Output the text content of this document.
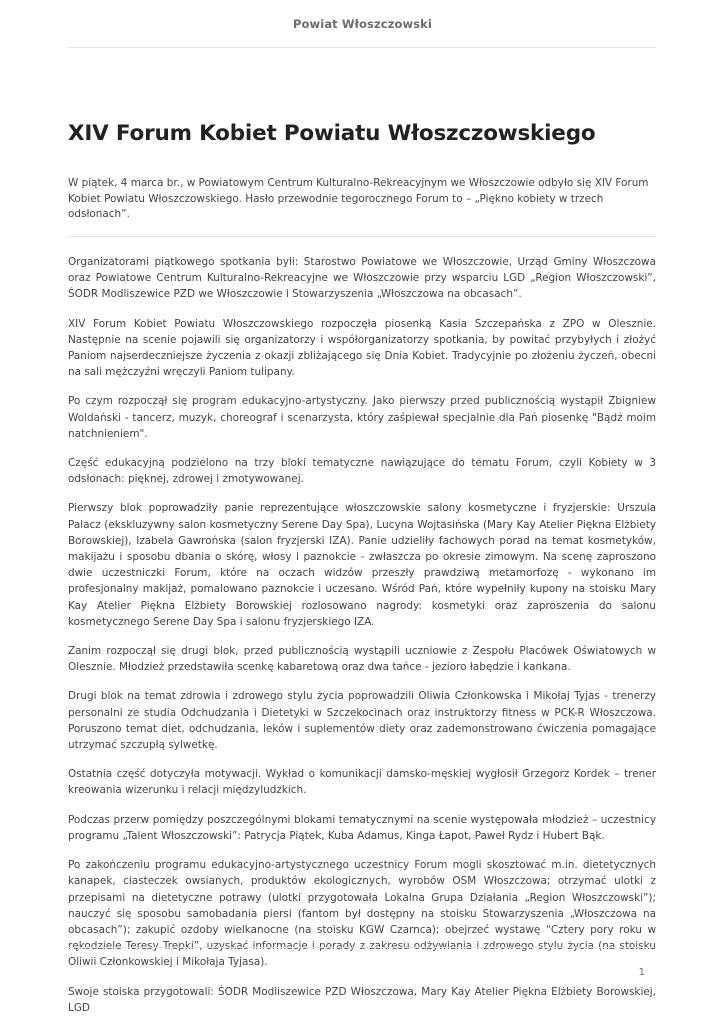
Powiat Włoszczowski
XIV Forum Kobiet Powiatu Włoszczowskiego

W piątek, 4 marca br., w Powiatowym Centrum Kulturalno-Rekreacyjnym we Włoszczowie odbyło się XIV Forum Kobiet Powiatu Włoszczowskiego. Hasło przewodnie tegorocznego Forum to – „Piękno kobiety w trzech odsłonach”.

Organizatorami piątkowego spotkania byli: Starostwo Powiatowe we Włoszczowie, Urząd Gminy Włoszczowa oraz Powiatowe Centrum Kulturalno-Rekreacyjne we Włoszczowie przy wsparciu LGD „Region Włoszczowski”, ŚODR Modliszewice PZD we Włoszczowie i Stowarzyszenia „Włoszczowa na obcasach”.

XIV Forum Kobiet Powiatu Włoszczowskiego rozpoczęła piosenką Kasia Szczepańska z ZPO w Olesznie. Następnie na scenie pojawili się organizatorzy i współorganizatorzy spotkania, by powitać przybyłych i złożyć Paniom najserdeczniejsze życzenia z okazji zbliżającego się Dnia Kobiet. Tradycyjnie po złożeniu życzeń, obecni na sali mężczyźni wręczyli Paniom tulipany.

Po czym rozpoczął się program edukacyjno-artystyczny. Jako pierwszy przed publicznością wystąpił Zbigniew Woldański - tancerz, muzyk, choreograf i scenarzysta, który zaśpiewał specjalnie dla Pań piosenkę "Bądź moim natchnieniem".

Część edukacyjną podzielono na trzy bloki tematyczne nawiązujące do tematu Forum, czyli Kobiety w 3 odsłonach: pięknej, zdrowej i zmotywowanej.

Pierwszy blok poprowadziły panie reprezentujące włoszczowskie salony kosmetyczne i fryzjerskie: Urszula Palacz (ekskluzywny salon kosmetyczny Serene Day Spa), Lucyna Wojtasińska (Mary Kay Atelier Piękna Elżbiety Borowskiej), Izabela Gawrońska (salon fryzjerski IZA). Panie udzieliły fachowych porad na temat kosmetyków, makijażu i sposobu dbania o skórę, włosy i paznokcie - zwłaszcza po okresie zimowym. Na scenę zaproszono dwie uczestniczki Forum, które na oczach widzów przeszły prawdziwą metamorfozę - wykonano im profesjonalny makijaż, pomalowano paznokcie i uczesano. Wśród Pań, które wypełniły kupony na stoisku Mary Kay Atelier Piękna Elżbiety Borowskiej rozlosowano nagrody: kosmetyki oraz zaproszenia do salonu kosmetycznego Serene Day Spa i salonu fryzjerskiego IZA.

Zanim rozpoczął się drugi blok, przed publicznością wystąpili uczniowie z Zespołu Placówek Oświatowych w Olesznie. Młodzież przedstawiła scenkę kabaretową oraz dwa tańce - jezioro łabędzie i kankana.

Drugi blok na temat zdrowia i zdrowego stylu życia poprowadzili Oliwia Członkowska i Mikołaj Tyjas - trenerzy personalni ze studia Odchudzania i Dietetyki w Szczekocinach oraz instruktorzy fitness w PCK-R Włoszczowa. Poruszono temat diet, odchudzania, leków i suplementów diety oraz zademonstrowano ćwiczenia pomagające utrzymać szczupłą sylwetkę.

Ostatnia część dotyczyła motywacji. Wykład o komunikacji damsko-męskiej wygłosił Grzegorz Kordek – trener kreowania wizerunku i relacji międzyludzkich.

Podczas przerw pomiędzy poszczególnymi blokami tematycznymi na scenie występowała młodzież – uczestnicy programu „Talent Włoszczowski”: Patrycja Piątek, Kuba Adamus, Kinga Łapot, Paweł Rydz i Hubert Bąk.

Po zakończeniu programu edukacyjno-artystycznego uczestnicy Forum mogli skosztować m.in. dietetycznych kanapek, ciasteczek owsianych, produktów ekologicznych, wyrobów OSM Włoszczowa; otrzymać ulotki z przepisami na dietetyczne potrawy (ulotki przygotowała Lokalna Grupa Działania „Region Włoszczowski”); nauczyć się sposobu samobadania piersi (fantom był dostępny na stoisku Stowarzyszenia „Włoszczowa na obcasach”); zakupić ozdoby wielkanocne (na stoisku KGW Czarnca); obejrzeć wystawę “Cztery pory roku w Oliwii Członkowskiej i Mikołaja Tyjasa).

Swoje stoiska przygotowali: ŚODR Modliszewice PZD Włoszczowa, Mary Kay Atelier Piękna Elżbiety Borowskiej, LGD

1
